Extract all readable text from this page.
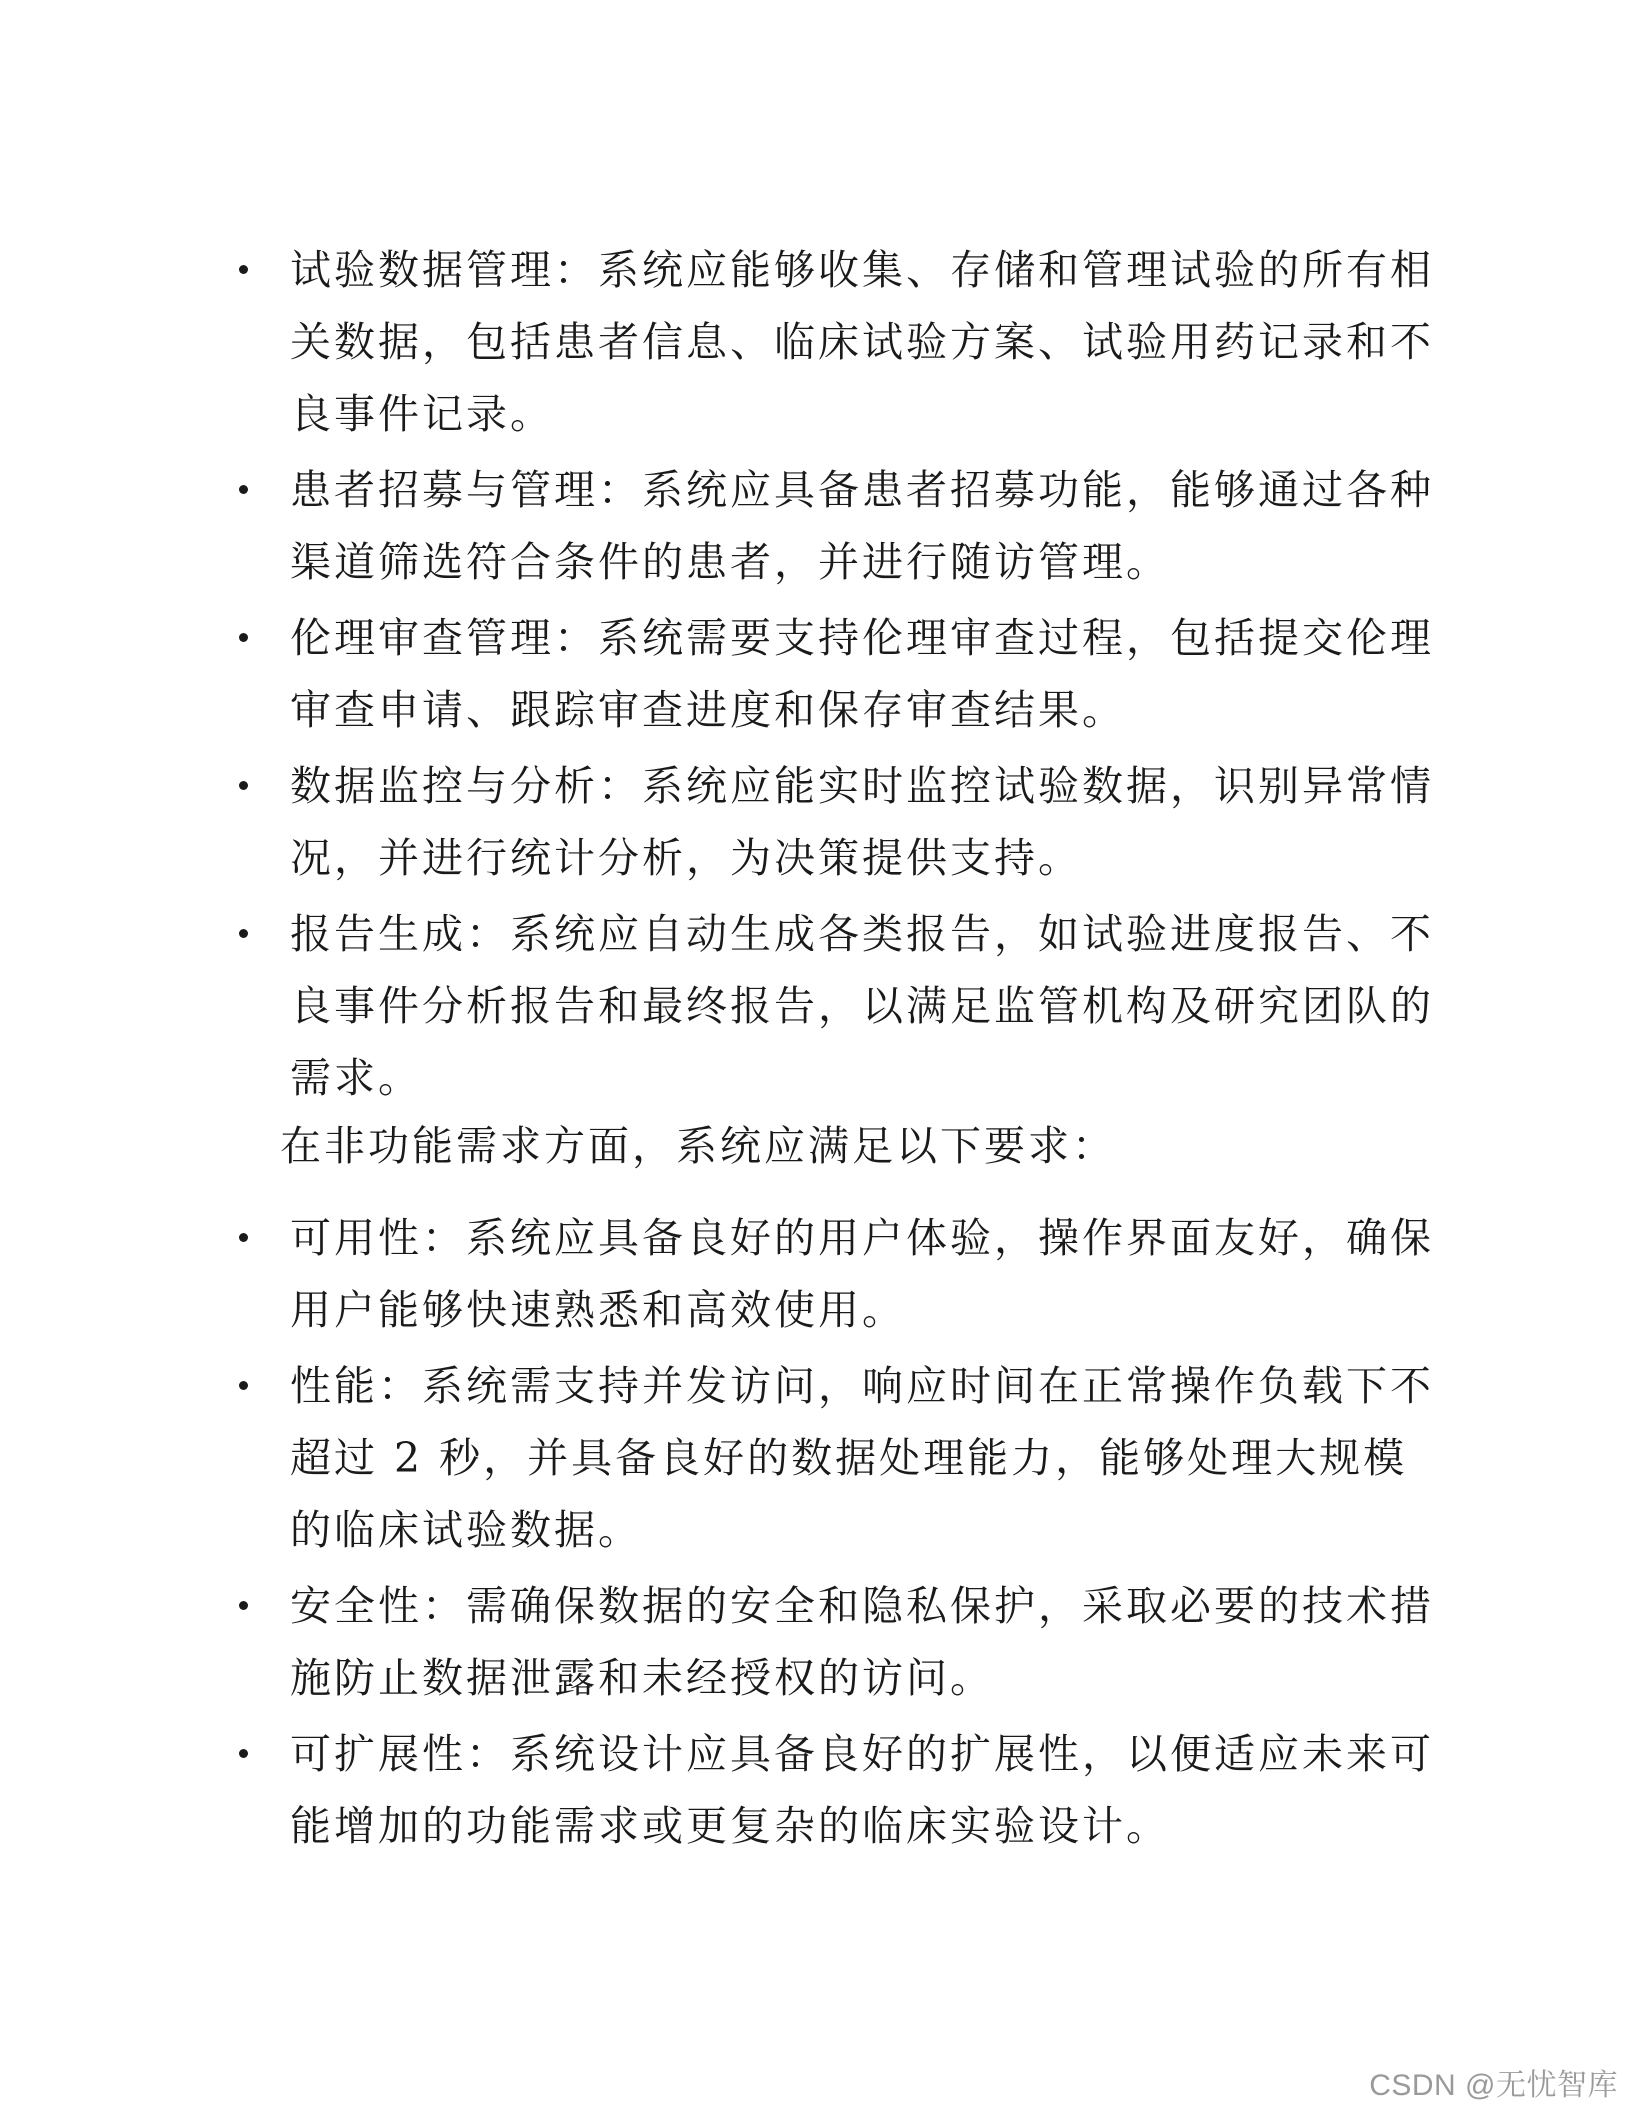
试验数据管理：系统应能够收集、存储和管理试验的所有相关数据，包括患者信息、临床试验方案、试验用药记录和不良事件记录。
患者招募与管理：系统应具备患者招募功能，能够通过各种渠道筛选符合条件的患者，并进行随访管理。
伦理审查管理：系统需要支持伦理审查过程，包括提交伦理审查申请、跟踪审查进度和保存审查结果。
数据监控与分析：系统应能实时监控试验数据，识别异常情况，并进行统计分析，为决策提供支持。
报告生成：系统应自动生成各类报告，如试验进度报告、不良事件分析报告和最终报告，以满足监管机构及研究团队的需求。

在非功能需求方面，系统应满足以下要求：

可用性：系统应具备良好的用户体验，操作界面友好，确保用户能够快速熟悉和高效使用。
性能：系统需支持并发访问，响应时间在正常操作负载下不超过 2 秒，并具备良好的数据处理能力，能够处理大规模的临床试验数据。
安全性：需确保数据的安全和隐私保护，采取必要的技术措施防止数据泄露和未经授权的访问。
可扩展性：系统设计应具备良好的扩展性，以便适应未来可能增加的功能需求或更复杂的临床实验设计。
CSDN @无忧智库
